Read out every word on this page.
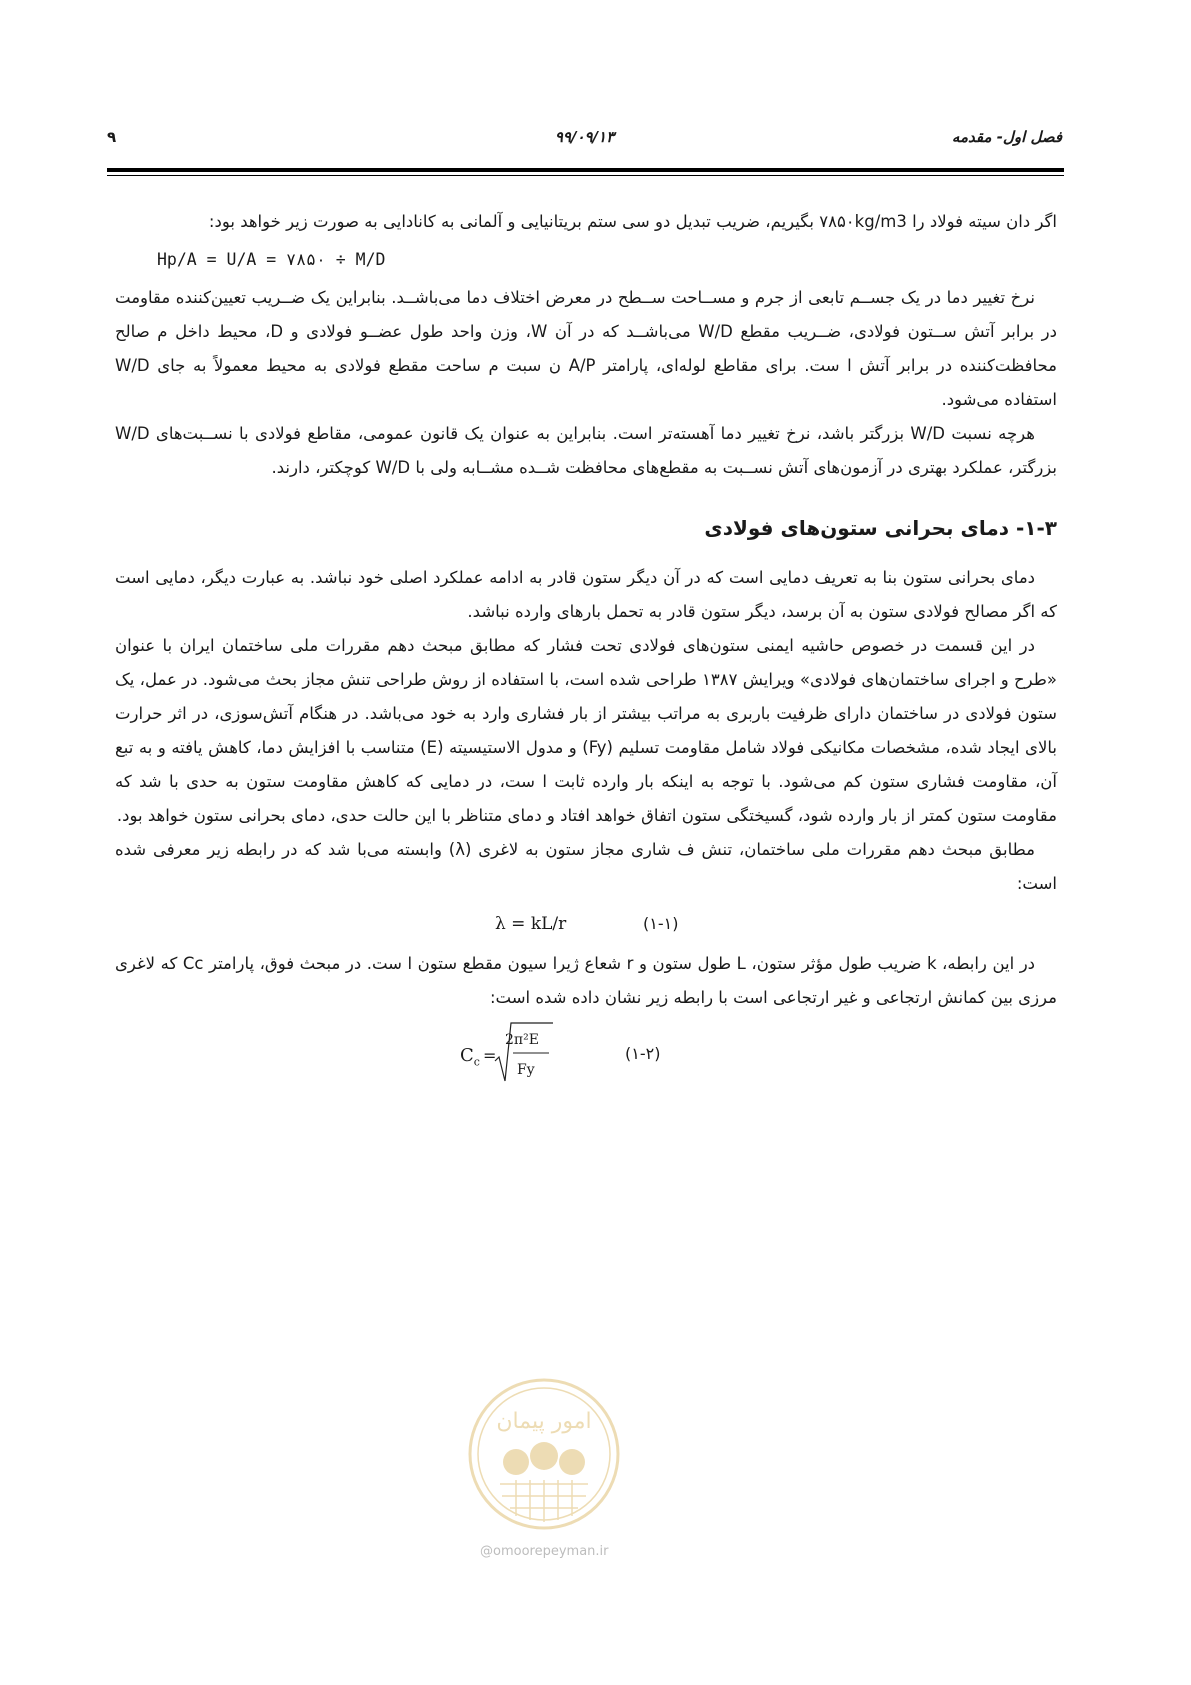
فصل اول- مقدمه
۹۹/۰۹/۱۳
۹

اگر دان سیته فولاد را ۷۸۵۰kg/m3 بگیریم، ضریب تبدیل دو سی ستم بریتانیایی و آلمانی به کانادایی به صورت زیر خواهد بود:

Hp/A = U/A = ۷۸۵۰ ÷ M/D

نرخ تغییر دما در یک جســم تابعی از جرم و مســاحت ســطح در معرض اختلاف دما می‌باشــد. بنابراین یک ضــریب تعیین‌کننده مقاومت در برابر آتش ســتون فولادی، ضــریب مقطع W/D می‌باشــد که در آن W، وزن واحد طول عضــو فولادی و D، محیط داخل م صالح محافظت‌کننده در برابر آتش ا ست. برای مقاطع لوله‌ای، پارامتر A/P ن سبت م ساحت مقطع فولادی به محیط معمولاً به جای W/D استفاده می‌شود.

هرچه نسبت W/D بزرگتر باشد، نرخ تغییر دما آهسته‌تر است. بنابراین به عنوان یک قانون عمومی، مقاطع فولادی با نســبت‌های W/D بزرگتر، عملکرد بهتری در آزمون‌های آتش نســبت به مقطع‌های محافظت شــده مشــابه ولی با W/D کوچکتر، دارند.

۱-۳- دمای بحرانی ستون‌های فولادی

دمای بحرانی ستون بنا به تعریف دمایی است که در آن دیگر ستون قادر به ادامه عملکرد اصلی خود نباشد. به عبارت دیگر، دمایی است که اگر مصالح فولادی ستون به آن برسد، دیگر ستون قادر به تحمل بارهای وارده نباشد.

در این قسمت در خصوص حاشیه ایمنی ستون‌های فولادی تحت فشار که مطابق مبحث دهم مقررات ملی ساختمان ایران با عنوان «طرح و اجرای ساختمان‌های فولادی» ویرایش ۱۳۸۷ طراحی شده است، با استفاده از روش طراحی تنش مجاز بحث می‌شود. در عمل، یک ستون فولادی در ساختمان دارای ظرفیت باربری به مراتب بیشتر از بار فشاری وارد به خود می‌باشد. در هنگام آتش‌سوزی، در اثر حرارت بالای ایجاد شده، مشخصات مکانیکی فولاد شامل مقاومت تسلیم (Fy) و مدول الاستیسیته (E) متناسب با افزایش دما، کاهش یافته و به تبع آن، مقاومت فشاری ستون کم می‌شود. با توجه به اینکه بار وارده ثابت ا ست، در دمایی که کاهش مقاومت ستون به حدی با شد که مقاومت ستون کمتر از بار وارده شود، گسیختگی ستون اتفاق خواهد افتاد و دمای متناظر با این حالت حدی، دمای بحرانی ستون خواهد بود.

مطابق مبحث دهم مقررات ملی ساختمان، تنش ف شاری مجاز ستون به لاغری (λ) وابسته می‌با شد که در رابطه زیر معرفی شده است:

λ = kL/r	(۱-۱)

در این رابطه، k ضریب طول مؤثر ستون، L طول ستون و r شعاع ژیرا سیون مقطع ستون ا ست. در مبحث فوق، پارامتر Cc که لاغری مرزی بین کمانش ارتجاعی و غیر ارتجاعی است با رابطه زیر نشان داده شده است:

$C_c$ =
2π²E
Fy
(۱-۲)
امور پیمان
@omoorepeyman.ir
